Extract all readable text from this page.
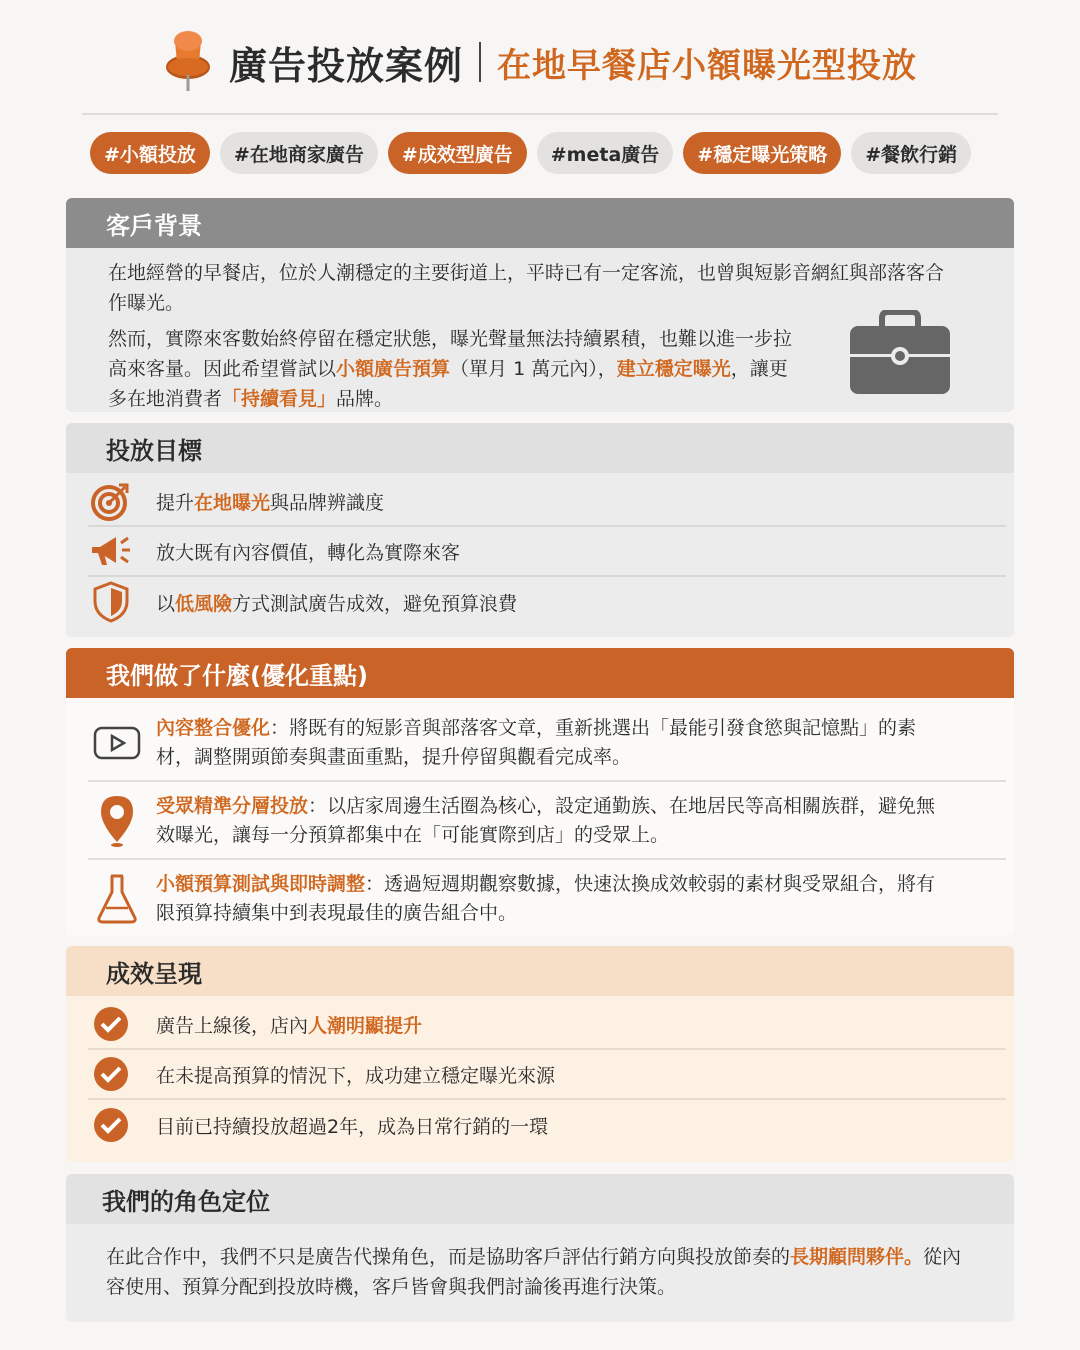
廣告投放案例 在地早餐店小額曝光型投放
#小額投放	#在地商家廣告	#成效型廣告	#meta廣告	#穩定曝光策略	#餐飲行銷
客戶背景

在地經營的早餐店，位於人潮穩定的主要街道上，平時已有一定客流，也曾與短影音網紅與部落客合作曝光。

然而，實際來客數始終停留在穩定狀態，曝光聲量無法持續累積，也難以進一步拉高來客量。因此希望嘗試以小額廣告預算（單月 1 萬元內），建立穩定曝光，讓更多在地消費者「持續看見」品牌。

投放目標
提升在地曝光與品牌辨識度
放大既有內容價值，轉化為實際來客
以低風險方式測試廣告成效，避免預算浪費
我們做了什麼(優化重點)

內容整合優化：將既有的短影音與部落客文章，重新挑選出「最能引發食慾與記憶點」的素材，調整開頭節奏與畫面重點，提升停留與觀看完成率。

受眾精準分層投放：以店家周邊生活圈為核心，設定通勤族、在地居民等高相關族群，避免無效曝光，讓每一分預算都集中在「可能實際到店」的受眾上。

小額預算測試與即時調整：透過短週期觀察數據，快速汰換成效較弱的素材與受眾組合，將有限預算持續集中到表現最佳的廣告組合中。

成效呈現
廣告上線後，店內人潮明顯提升
在未提高預算的情況下，成功建立穩定曝光來源
目前已持續投放超過2年，成為日常行銷的一環
我們的角色定位

在此合作中，我們不只是廣告代操角色，而是協助客戶評估行銷方向與投放節奏的長期顧問夥伴。從內容使用、預算分配到投放時機，客戶皆會與我們討論後再進行決策。
